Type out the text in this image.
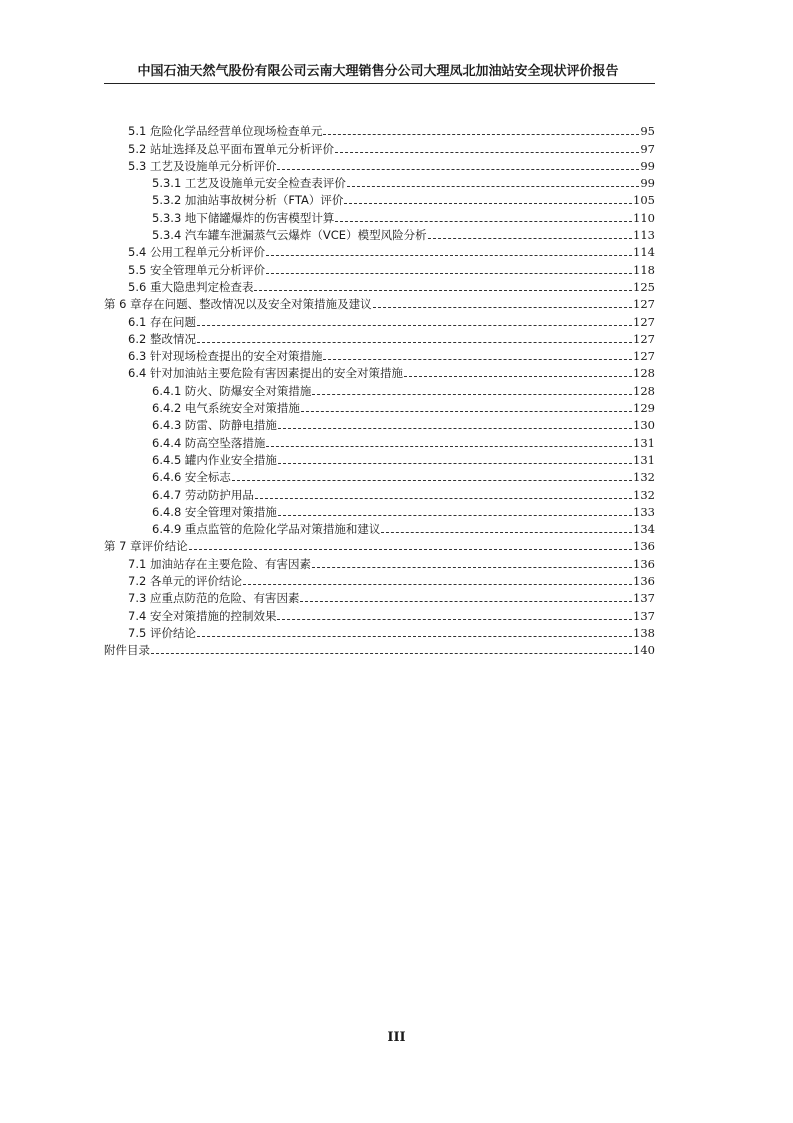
中国石油天然气股份有限公司云南大理销售分公司大理凤北加油站安全现状评价报告
5.1 危险化学品经营单位现场检查单元	95
5.2 站址选择及总平面布置单元分析评价	97
5.3 工艺及设施单元分析评价	99
5.3.1 工艺及设施单元安全检查表评价	99
5.3.2 加油站事故树分析（FTA）评价	105
5.3.3 地下储罐爆炸的伤害模型计算	110
5.3.4 汽车罐车泄漏蒸气云爆炸（VCE）模型风险分析	113
5.4 公用工程单元分析评价	114
5.5 安全管理单元分析评价	118
5.6 重大隐患判定检查表	125
第 6 章存在问题、整改情况以及安全对策措施及建议	127
6.1 存在问题	127
6.2 整改情况	127
6.3 针对现场检查提出的安全对策措施	127
6.4 针对加油站主要危险有害因素提出的安全对策措施	128
6.4.1 防火、防爆安全对策措施	128
6.4.2 电气系统安全对策措施	129
6.4.3 防雷、防静电措施	130
6.4.4 防高空坠落措施	131
6.4.5 罐内作业安全措施	131
6.4.6 安全标志	132
6.4.7 劳动防护用品	132
6.4.8 安全管理对策措施	133
6.4.9 重点监管的危险化学品对策措施和建议	134
第 7 章评价结论	136
7.1 加油站存在主要危险、有害因素	136
7.2 各单元的评价结论	136
7.3 应重点防范的危险、有害因素	137
7.4 安全对策措施的控制效果	137
7.5 评价结论	138
附件目录	140
III
